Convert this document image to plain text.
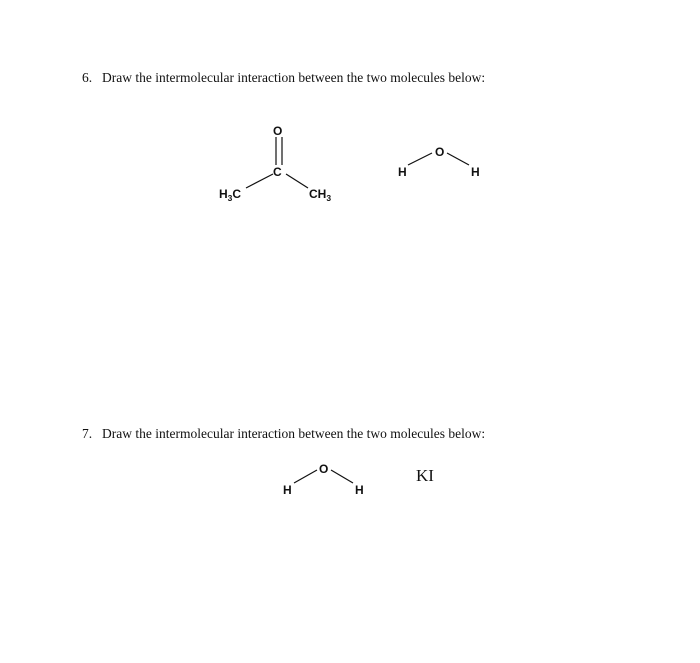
6. Draw the intermolecular interaction between the two molecules below:
O
C
$H_3C$	$CH_3$
O
H	H
O
H	H
7. Draw the intermolecular interaction between the two molecules below:
KI
